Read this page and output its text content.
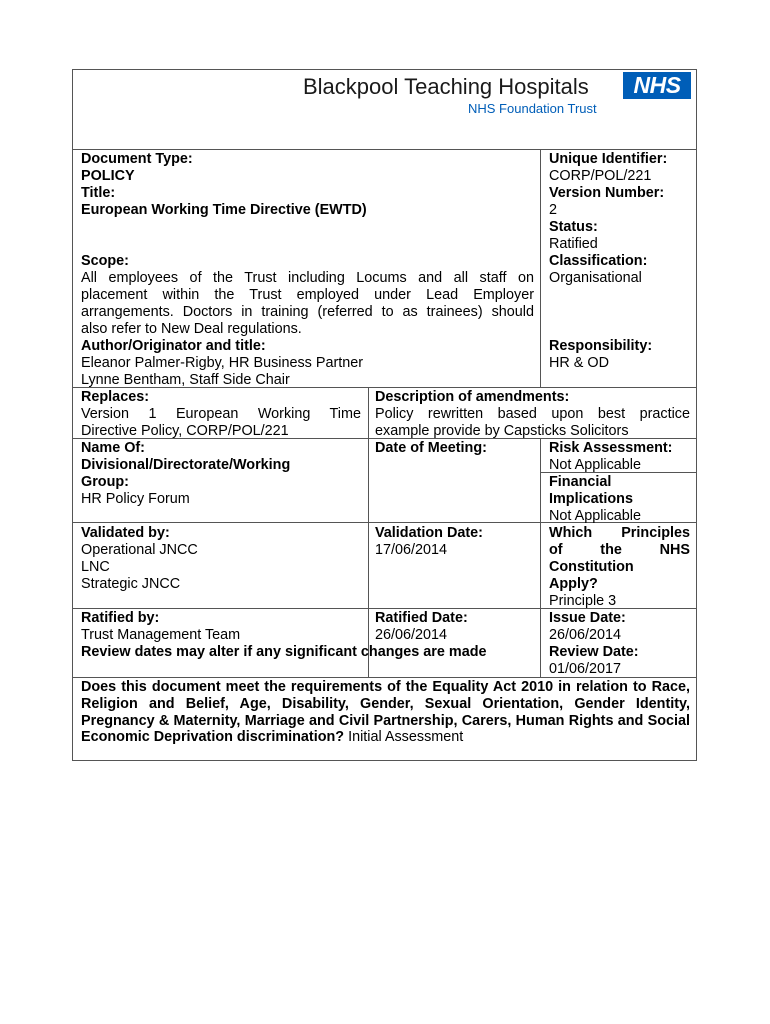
Blackpool Teaching Hospitals
NHS Foundation Trust
NHS
Document Type:
POLICY
Title:
European Working Time Directive (EWTD)
Scope:
All employees of the Trust including Locums and all staff on
placement within the Trust employed under Lead Employer
arrangements. Doctors in training (referred to as trainees) should
also refer to New Deal regulations.
Author/Originator and title:
Eleanor Palmer-Rigby, HR Business Partner
Lynne Bentham, Staff Side Chair
Unique Identifier:
CORP/POL/221
Version Number:
2
Status:
Ratified
Classification:
Organisational
Responsibility:
HR & OD
Replaces:
Version 1 European Working Time
Directive Policy, CORP/POL/221
Description of amendments:
Policy rewritten based upon best practice
example provide by Capsticks Solicitors
Name Of:
Divisional/Directorate/Working
Group:
HR Policy Forum
Date of Meeting:	Risk Assessment:
Not Applicable
Financial
Implications
Not Applicable
Validated by:
Operational JNCC
LNC
Strategic JNCC
Validation Date:
17/06/2014
Which Principles
of the NHS
Constitution
Apply?
Principle 3
Ratified by:
Trust Management Team
Review dates may alter if any significant changes are made
Ratified Date:
26/06/2014
Issue Date:
26/06/2014
Review Date:
01/06/2017
Does this document meet the requirements of the Equality Act 2010 in relation to Race, Religion and Belief, Age, Disability, Gender, Sexual Orientation, Gender Identity, Pregnancy & Maternity, Marriage and Civil Partnership, Carers, Human Rights and Social Economic Deprivation discrimination? Initial Assessment
